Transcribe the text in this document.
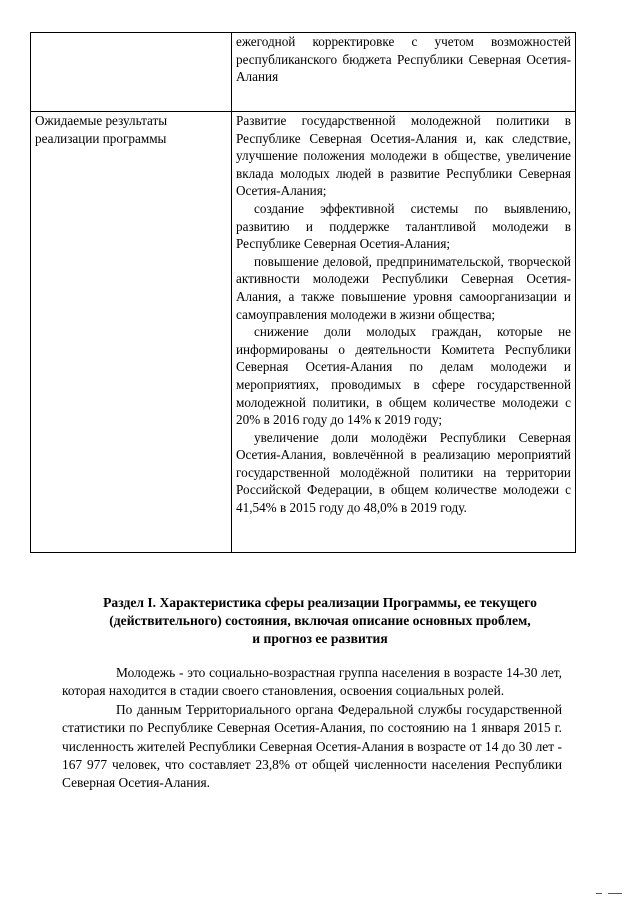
	ежегодной корректировке с учетом возможностей республиканского бюджета Республики Северная Осетия-Алания

Ожидаемые результаты реализации программы	Развитие государственной молодежной политики в Республике Северная Осетия-Алания и, как следствие, улучшение положения молодежи в обществе, увеличение вклада молодых людей в развитие Республики Северная Осетия-Алания;

создание эффективной системы по выявлению, развитию и поддержке талантливой молодежи в Республике Северная Осетия-Алания;

повышение деловой, предпринимательской, творческой активности молодежи Республики Северная Осетия-Алания, а также повышение уровня самоорганизации и самоуправления молодежи в жизни общества;

снижение доли молодых граждан, которые не информированы о деятельности Комитета Республики Северная Осетия-Алания по делам молодежи и мероприятиях, проводимых в сфере государственной молодежной политики, в общем количестве молодежи с 20% в 2016 году до 14% к 2019 году;

увеличение доли молодёжи Республики Северная Осетия-Алания, вовлечённой в реализацию мероприятий государственной молодёжной политики на территории Российской Федерации, в общем количестве молодежи с 41,54% в 2015 году до 48,0% в 2019 году.

Раздел I. Характеристика сферы реализации Программы, ее текущего
(действительного) состояния, включая описание основных проблем,
и прогноз ее развития

Молодежь - это социально-возрастная группа населения в возрасте 14-30 лет, которая находится в стадии своего становления, освоения социальных ролей.

По данным Территориального органа Федеральной службы государственной статистики по Республике Северная Осетия-Алания, по состоянию на 1 января 2015 г. численность жителей Республики Северная Осетия-Алания в возрасте от 14 до 30 лет - 167 977 человек, что составляет 23,8% от общей численности населения Республики Северная Осетия-Алания.
